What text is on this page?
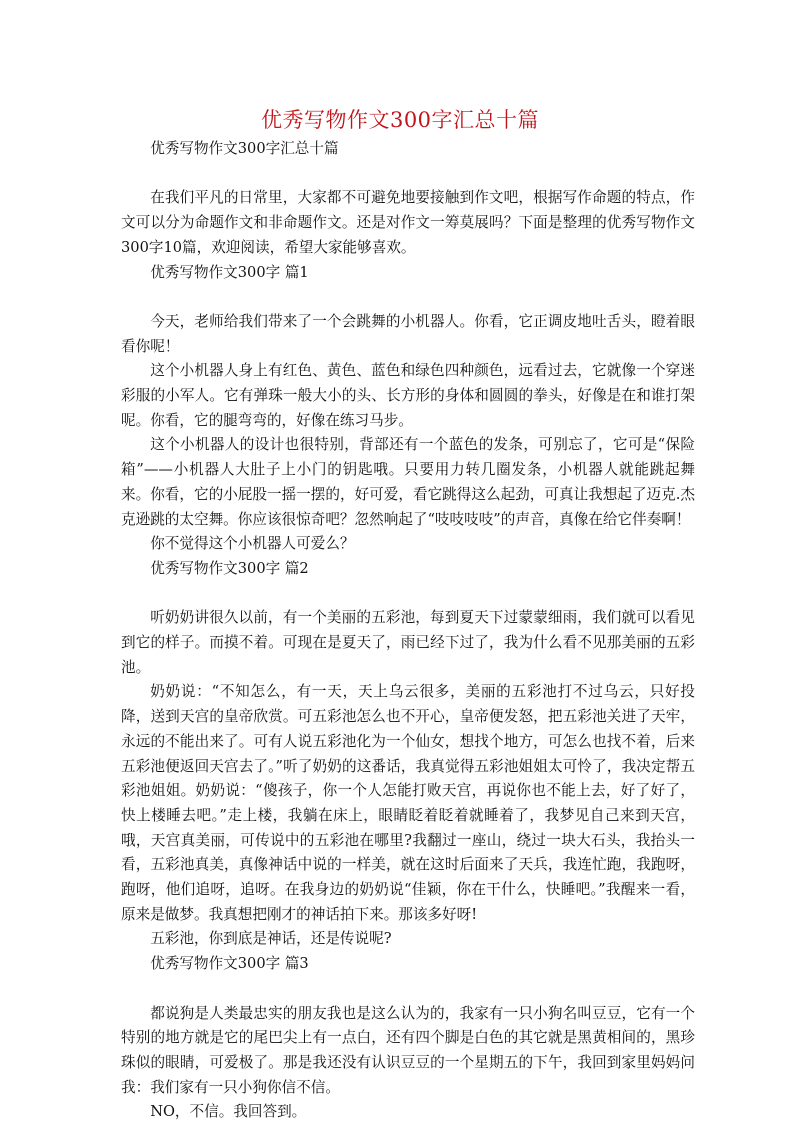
优秀写物作文300字汇总十篇

优秀写物作文300字汇总十篇

在我们平凡的日常里，大家都不可避免地要接触到作文吧，根据写作命题的特点，作文可以分为命题作文和非命题作文。还是对作文一筹莫展吗？下面是整理的优秀写物作文300字10篇，欢迎阅读，希望大家能够喜欢。

优秀写物作文300字 篇1

今天，老师给我们带来了一个会跳舞的小机器人。你看，它正调皮地吐舌头，瞪着眼看你呢！

这个小机器人身上有红色、黄色、蓝色和绿色四种颜色，远看过去，它就像一个穿迷彩服的小军人。它有弹珠一般大小的头、长方形的身体和圆圆的拳头，好像是在和谁打架呢。你看，它的腿弯弯的，好像在练习马步。

这个小机器人的设计也很特别，背部还有一个蓝色的发条，可别忘了，它可是“保险箱”——小机器人大肚子上小门的钥匙哦。只要用力转几圈发条，小机器人就能跳起舞来。你看，它的小屁股一摇一摆的，好可爱，看它跳得这么起劲，可真让我想起了迈克.杰克逊跳的太空舞。你应该很惊奇吧？忽然响起了“吱吱吱吱”的声音，真像在给它伴奏啊！

你不觉得这个小机器人可爱么？

优秀写物作文300字 篇2

听奶奶讲很久以前，有一个美丽的五彩池，每到夏天下过蒙蒙细雨，我们就可以看见到它的样子。而摸不着。可现在是夏天了，雨已经下过了，我为什么看不见那美丽的五彩池。

奶奶说：“不知怎么，有一天，天上乌云很多，美丽的五彩池打不过乌云，只好投降，送到天宫的皇帝欣赏。可五彩池怎么也不开心，皇帝便发怒，把五彩池关进了天牢，永远的不能出来了。可有人说五彩池化为一个仙女，想找个地方，可怎么也找不着，后来五彩池便返回天宫去了。”听了奶奶的这番话，我真觉得五彩池姐姐太可怜了，我决定帮五彩池姐姐。奶奶说：“傻孩子，你一个人怎能打败天宫，再说你也不能上去，好了好了，快上楼睡去吧。”走上楼，我躺在床上，眼睛眨着眨着就睡着了，我梦见自己来到天宫，哦，天宫真美丽，可传说中的五彩池在哪里?我翻过一座山，绕过一块大石头，我抬头一看，五彩池真美，真像神话中说的一样美，就在这时后面来了天兵，我连忙跑，我跑呀，跑呀，他们追呀，追呀。在我身边的奶奶说“佳颖，你在干什么，快睡吧。”我醒来一看，原来是做梦。我真想把刚才的神话拍下来。那该多好呀!

五彩池，你到底是神话，还是传说呢?

优秀写物作文300字 篇3

都说狗是人类最忠实的朋友我也是这么认为的，我家有一只小狗名叫豆豆，它有一个特别的地方就是它的尾巴尖上有一点白，还有四个脚是白色的其它就是黑黄相间的，黑珍珠似的眼睛，可爱极了。那是我还没有认识豆豆的一个星期五的下午，我回到家里妈妈问我：我们家有一只小狗你信不信。

NO，不信。我回答到。
